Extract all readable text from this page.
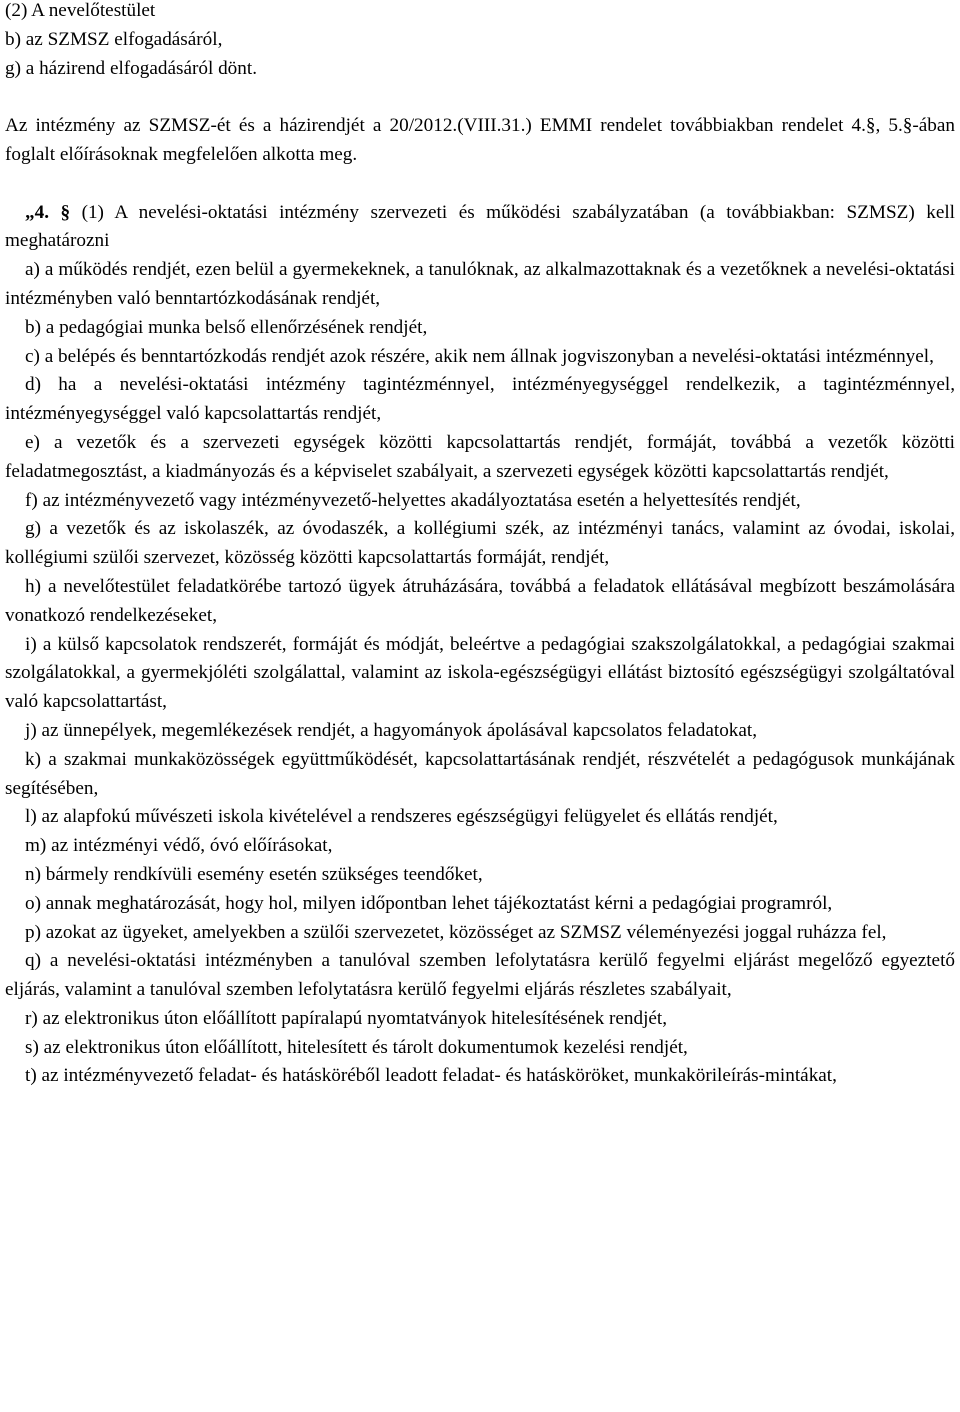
(2) A nevelőtestület
b) az SZMSZ elfogadásáról,
g) a házirend elfogadásáról dönt.

Az intézmény az SZMSZ-ét és a házirendjét a 20/2012.(VIII.31.) EMMI rendelet továbbiakban rendelet 4.§, 5.§-ában foglalt előírásoknak megfelelően alkotta meg.

„4. § (1) A nevelési-oktatási intézmény szervezeti és működési szabályzatában (a továbbiakban: SZMSZ) kell meghatározni

a) a működés rendjét, ezen belül a gyermekeknek, a tanulóknak, az alkalmazottaknak és a vezetőknek a nevelési-oktatási intézményben való benntartózkodásának rendjét,

b) a pedagógiai munka belső ellenőrzésének rendjét,

c) a belépés és benntartózkodás rendjét azok részére, akik nem állnak jogviszonyban a nevelési-oktatási intézménnyel,

d) ha a nevelési-oktatási intézmény tagintézménnyel, intézményegységgel rendelkezik, a tagintézménnyel, intézményegységgel való kapcsolattartás rendjét,

e) a vezetők és a szervezeti egységek közötti kapcsolattartás rendjét, formáját, továbbá a vezetők közötti feladatmegosztást, a kiadmányozás és a képviselet szabályait, a szervezeti egységek közötti kapcsolattartás rendjét,

f) az intézményvezető vagy intézményvezető-helyettes akadályoztatása esetén a helyettesítés rendjét,

g) a vezetők és az iskolaszék, az óvodaszék, a kollégiumi szék, az intézményi tanács, valamint az óvodai, iskolai, kollégiumi szülői szervezet, közösség közötti kapcsolattartás formáját, rendjét,

h) a nevelőtestület feladatkörébe tartozó ügyek átruházására, továbbá a feladatok ellátásával megbízott beszámolására vonatkozó rendelkezéseket,

i) a külső kapcsolatok rendszerét, formáját és módját, beleértve a pedagógiai szakszolgálatokkal, a pedagógiai szakmai szolgálatokkal, a gyermekjóléti szolgálattal, valamint az iskola-egészségügyi ellátást biztosító egészségügyi szolgáltatóval való kapcsolattartást,

j) az ünnepélyek, megemlékezések rendjét, a hagyományok ápolásával kapcsolatos feladatokat,

k) a szakmai munkaközösségek együttműködését, kapcsolattartásának rendjét, részvételét a pedagógusok munkájának segítésében,

l) az alapfokú művészeti iskola kivételével a rendszeres egészségügyi felügyelet és ellátás rendjét,

m) az intézményi védő, óvó előírásokat,

n) bármely rendkívüli esemény esetén szükséges teendőket,

o) annak meghatározását, hogy hol, milyen időpontban lehet tájékoztatást kérni a pedagógiai programról,

p) azokat az ügyeket, amelyekben a szülői szervezetet, közösséget az SZMSZ véleményezési joggal ruházza fel,

q) a nevelési-oktatási intézményben a tanulóval szemben lefolytatásra kerülő fegyelmi eljárást megelőző egyeztető eljárás, valamint a tanulóval szemben lefolytatásra kerülő fegyelmi eljárás részletes szabályait,

r) az elektronikus úton előállított papíralapú nyomtatványok hitelesítésének rendjét,

s) az elektronikus úton előállított, hitelesített és tárolt dokumentumok kezelési rendjét,

t) az intézményvezető feladat- és hatásköréből leadott feladat- és hatásköröket, munkakörileírás-mintákat,
